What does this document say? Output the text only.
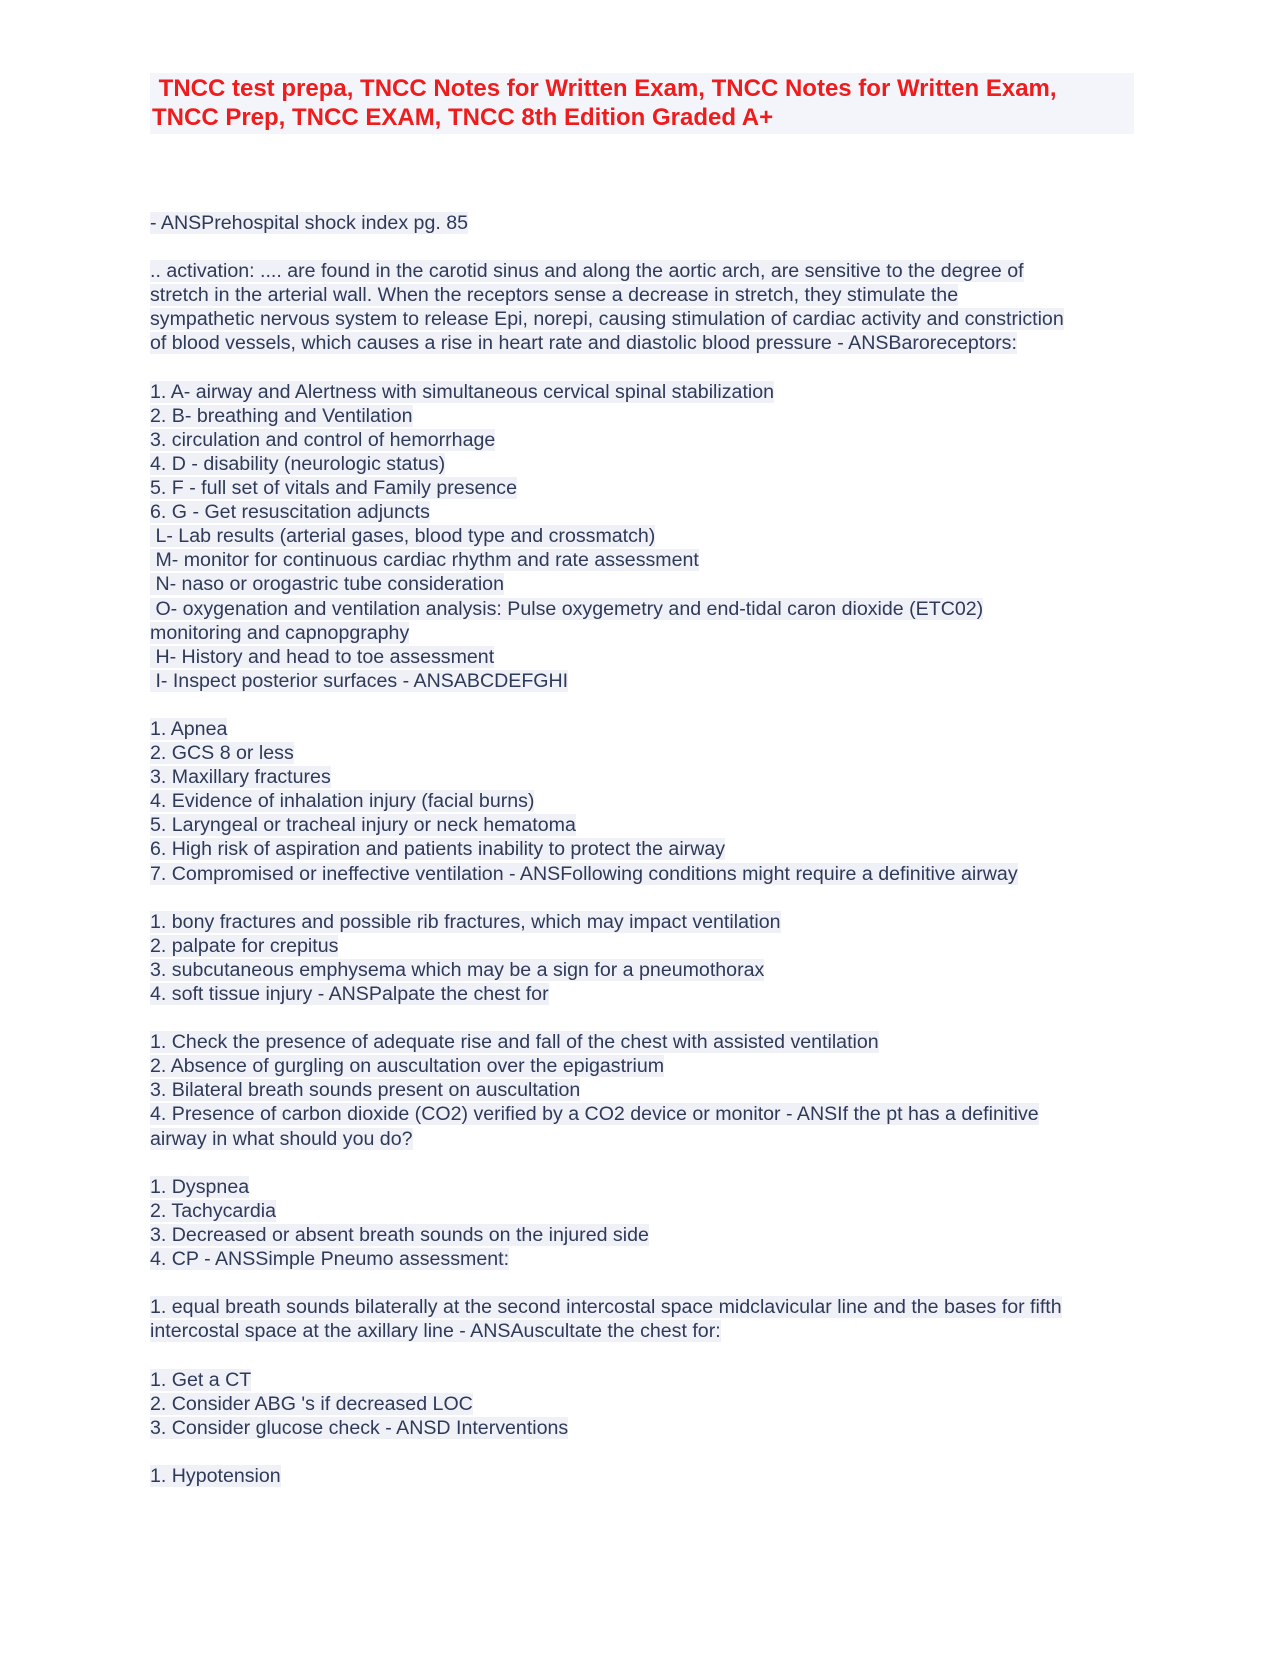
TNCC test prepa, TNCC Notes for Written Exam, TNCC Notes for Written Exam,
TNCC Prep, TNCC EXAM, TNCC 8th Edition Graded A+
- ANSPrehospital shock index pg. 85
.. activation: .... are found in the carotid sinus and along the aortic arch, are sensitive to the degree of
stretch in the arterial wall. When the receptors sense a decrease in stretch, they stimulate the
sympathetic nervous system to release Epi, norepi, causing stimulation of cardiac activity and constriction
of blood vessels, which causes a rise in heart rate and diastolic blood pressure - ANSBaroreceptors:
1. A- airway and Alertness with simultaneous cervical spinal stabilization
2. B- breathing and Ventilation
3. circulation and control of hemorrhage
4. D - disability (neurologic status)
5. F - full set of vitals and Family presence
6. G - Get resuscitation adjuncts
L- Lab results (arterial gases, blood type and crossmatch)
M- monitor for continuous cardiac rhythm and rate assessment
N- naso or orogastric tube consideration
O- oxygenation and ventilation analysis: Pulse oxygemetry and end-tidal caron dioxide (ETC02)
monitoring and capnopgraphy
H- History and head to toe assessment
I- Inspect posterior surfaces - ANSABCDEFGHI
1. Apnea
2. GCS 8 or less
3. Maxillary fractures
4. Evidence of inhalation injury (facial burns)
5. Laryngeal or tracheal injury or neck hematoma
6. High risk of aspiration and patients inability to protect the airway
7. Compromised or ineffective ventilation - ANSFollowing conditions might require a definitive airway
1. bony fractures and possible rib fractures, which may impact ventilation
2. palpate for crepitus
3. subcutaneous emphysema which may be a sign for a pneumothorax
4. soft tissue injury - ANSPalpate the chest for
1. Check the presence of adequate rise and fall of the chest with assisted ventilation
2. Absence of gurgling on auscultation over the epigastrium
3. Bilateral breath sounds present on auscultation
4. Presence of carbon dioxide (CO2) verified by a CO2 device or monitor - ANSIf the pt has a definitive
airway in what should you do?
1. Dyspnea
2. Tachycardia
3. Decreased or absent breath sounds on the injured side
4. CP - ANSSimple Pneumo assessment:
1. equal breath sounds bilaterally at the second intercostal space midclavicular line and the bases for fifth
intercostal space at the axillary line - ANSAuscultate the chest for:
1. Get a CT
2. Consider ABG 's if decreased LOC
3. Consider glucose check - ANSD Interventions
1. Hypotension
